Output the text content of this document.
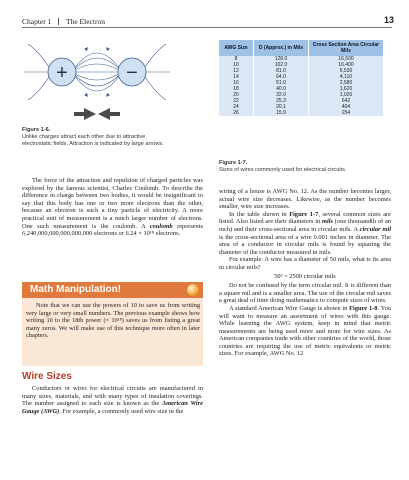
Chapter 1 The Electron	13
+	−
Figure 1-6.
Unlike charges attract each other due to attractive electrostatic fields. Attraction is indicated by large arrows.
AWG Size	D (Approx.) in Mils	Cross Section Area Circular Mils
8	128.0	16,500
10	102.0	10,400
12	81.0	6,530
14	64.0	4,110
16	51.0	2,580
18	40.0	1,620
20	32.0	1,020
22	25.3	642
24	20.1	404
26	15.9	254
Figure 1-7.
Sizes of wires commonly used for electrical circuits.

The force of the attraction and repulsion of charged particles was explored by the famous scientist, Charles Coulomb. To describe the difference in charge between two bodies, it would be insignificant to say that this body has one or two more electrons than the other, because an electron is such a tiny particle of electricity. A more practical unit of measurement is a much larger number of electrons. One such measurement is the coulomb. A coulomb represents 6,240,000,000,000,000,000 electrons or 6.24 × 10¹⁸ electrons.

Math Manipulation!

Note that we can use the powers of 10 to save us from writing very large or very small numbers. The previous example shows how writing 10 to the 18th power (× 10¹⁸) saves us from listing a great many zeros. We will make use of this technique more often in later chapters.

Wire Sizes

Conductors or wires for electrical circuits are manufactured in many sizes, materials, and with many types of insulation coverings. The number assigned to each size is known as the American Wire Gauge (AWG). For example, a commonly used wire size in the

wiring of a house is AWG No. 12. As the number becomes larger, actual wire size decreases. Likewise, as the number becomes smaller, wire size increases.

In the table shown in Figure 1-7, several common sizes are listed. Also listed are their diameters in mils (one thousandth of an inch) and their cross-sectional area in circular mils. A circular mil is the cross-sectional area of a wire 0.001 inches in diameter. The area of a conductor in circular mils is found by squaring the diameter of the conductor measured in mils.

For example: A wire has a diameter of 50 mils, what is its area in circular mils?

50² = 2500 circular mils

Do not be confused by the term circular mil. It is different than a square mil and is a smaller area. The use of the circular mil saves a great deal of time doing mathematics to compute sizes of wires.

A standard American Wire Gauge is shown in Figure 1-8. You will want to measure an assortment of wires with this gauge. While learning the AWG system, keep in mind that metric measurements are being used more and more for wire sizes. As American companies trade with other countries of the world, those countries are requiring the use of metric equivalents or metric sizes. For example, AWG No. 12
